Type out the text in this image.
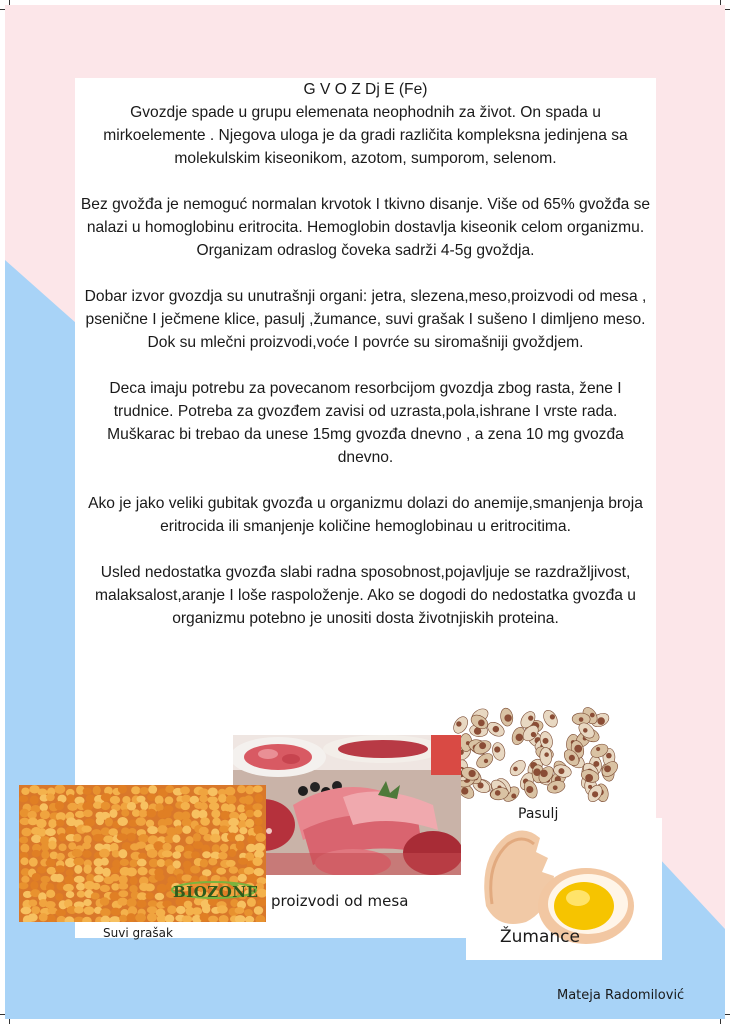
G V O Z Dj E (Fe)

Gvozdje spade u grupu elemenata neophodnih za život. On spada u mirkoelemente . Njegova uloga je da gradi različita kompleksna jedinjena sa molekulskim kiseonikom, azotom, sumporom, selenom.

Bez gvožđa je nemoguć normalan krvotok I tkivno disanje. Više od 65% gvožđa se nalazi u homoglobinu eritrocita. Hemoglobin dostavlja kiseonik celom organizmu. Organizam odraslog čoveka sadrži 4-5g gvoždja.

Dobar izvor gvozdja su unutrašnji organi: jetra, slezena,meso,proizvodi od mesa , psenične I ječmene klice, pasulj ,žumance, suvi grašak I sušeno I dimljeno meso. Dok su mlečni proizvodi,voće I povrće su siromašniji gvoždjem.

Deca imaju potrebu za povecanom resorbcijom gvozdja zbog rasta, žene I trudnice. Potreba za gvozđem zavisi od uzrasta,pola,ishrane I vrste rada. Muškarac bi trebao da unese 15mg gvozđa dnevno , a zena 10 mg gvozđa dnevno.

Ako je jako veliki gubitak gvozđa u organizmu dolazi do anemije,smanjenja broja eritrocida ili smanjenje količine hemoglobinau u eritrocitima.

Usled nedostatka gvozđa slabi radna sposobnost,pojavljuje se razdražljivost, malaksalost,aranje I loše raspoloženje. Ako se dogodi do nedostatka gvozđa u organizmu potebno je unositi dosta životnjiskih proteina.

BIOZONE
Pasulj
proizvodi od mesa
Suvi grašak	Žumance
Mateja Radomilović
